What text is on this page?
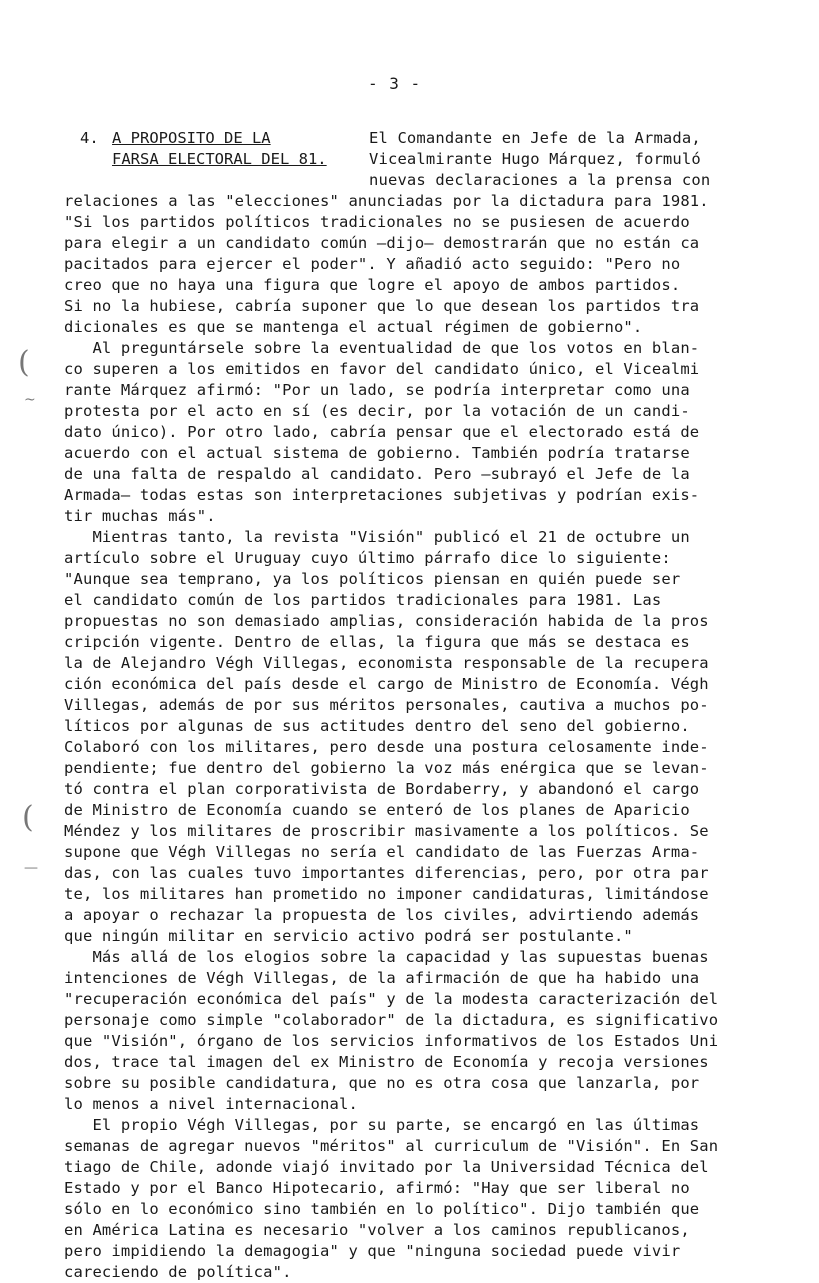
- 3 -
4. A PROPOSITO DE LA
FARSA ELECTORAL DEL 81.
El Comandante en Jefe de la Armada,
Vicealmirante Hugo Márquez, formuló
nuevas declaraciones a la prensa con
relaciones a las "elecciones" anunciadas por la dictadura para 1981.
"Si los partidos políticos tradicionales no se pusiesen de acuerdo
para elegir a un candidato común —dijo— demostrarán que no están ca
pacitados para ejercer el poder". Y añadió acto seguido: "Pero no
creo que no haya una figura que logre el apoyo de ambos partidos.
Si no la hubiese, cabría suponer que lo que desean los partidos tra
dicionales es que se mantenga el actual régimen de gobierno".
Al preguntársele sobre la eventualidad de que los votos en blan-
co superen a los emitidos en favor del candidato único, el Vicealmi
rante Márquez afirmó: "Por un lado, se podría interpretar como una
protesta por el acto en sí (es decir, por la votación de un candi-
dato único). Por otro lado, cabría pensar que el electorado está de
acuerdo con el actual sistema de gobierno. También podría tratarse
de una falta de respaldo al candidato. Pero —subrayó el Jefe de la
Armada— todas estas son interpretaciones subjetivas y podrían exis-
tir muchas más".
Mientras tanto, la revista "Visión" publicó el 21 de octubre un
artículo sobre el Uruguay cuyo último párrafo dice lo siguiente:
"Aunque sea temprano, ya los políticos piensan en quién puede ser
el candidato común de los partidos tradicionales para 1981. Las
propuestas no son demasiado amplias, consideración habida de la pros
cripción vigente. Dentro de ellas, la figura que más se destaca es
la de Alejandro Végh Villegas, economista responsable de la recupera
ción económica del país desde el cargo de Ministro de Economía. Végh
Villegas, además de por sus méritos personales, cautiva a muchos po-
líticos por algunas de sus actitudes dentro del seno del gobierno.
Colaboró con los militares, pero desde una postura celosamente inde-
pendiente; fue dentro del gobierno la voz más enérgica que se levan-
tó contra el plan corporativista de Bordaberry, y abandonó el cargo
de Ministro de Economía cuando se enteró de los planes de Aparicio
Méndez y los militares de proscribir masivamente a los políticos. Se
supone que Végh Villegas no sería el candidato de las Fuerzas Arma-
das, con las cuales tuvo importantes diferencias, pero, por otra par
te, los militares han prometido no imponer candidaturas, limitándose
a apoyar o rechazar la propuesta de los civiles, advirtiendo además
que ningún militar en servicio activo podrá ser postulante."
Más allá de los elogios sobre la capacidad y las supuestas buenas
intenciones de Végh Villegas, de la afirmación de que ha habido una
"recuperación económica del país" y de la modesta caracterización del
personaje como simple "colaborador" de la dictadura, es significativo
que "Visión", órgano de los servicios informativos de los Estados Uni
dos, trace tal imagen del ex Ministro de Economía y recoja versiones
sobre su posible candidatura, que no es otra cosa que lanzarla, por
lo menos a nivel internacional.
El propio Végh Villegas, por su parte, se encargó en las últimas
semanas de agregar nuevos "méritos" al curriculum de "Visión". En San
tiago de Chile, adonde viajó invitado por la Universidad Técnica del
Estado y por el Banco Hipotecario, afirmó: "Hay que ser liberal no
sólo en lo económico sino también en lo político". Dijo también que
en América Latina es necesario "volver a los caminos republicanos,
pero impidiendo la demagogia" y que "ninguna sociedad puede vivir
careciendo de política".
(
~
(
—
